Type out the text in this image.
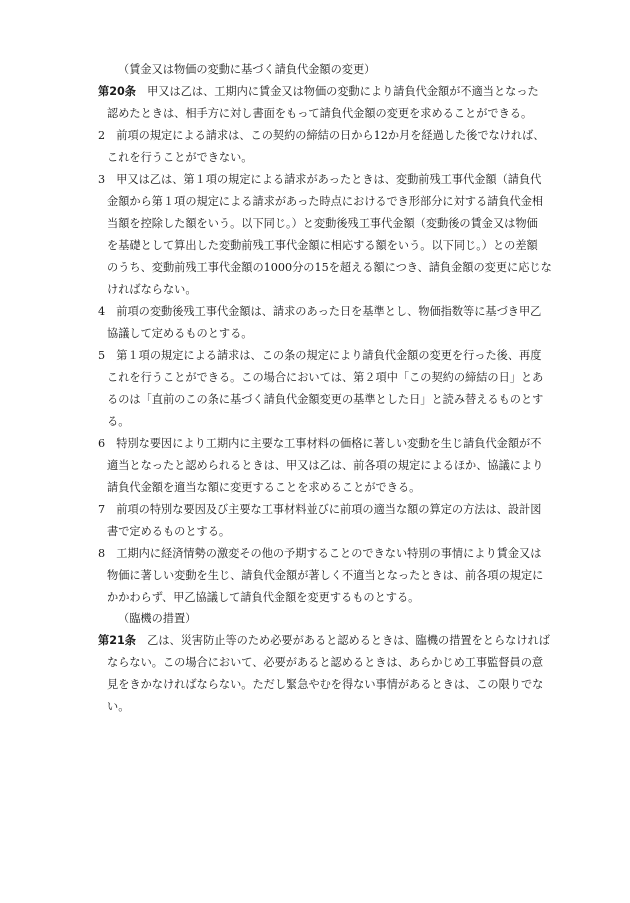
（賃金又は物価の変動に基づく請負代金額の変更）
第20条　 甲又は乙は、工期内に賃金又は物価の変動により請負代金額が不適当となった
認めたときは、相手方に対し書面をもって請負代金額の変更を求めることができる。
2　前項の規定による請求は、この契約の締結の日から12か月を経過した後でなければ、
これを行うことができない。
3　甲又は乙は、第１項の規定による請求があったときは、変動前残工事代金額（請負代
金額から第１項の規定による請求があった時点におけるでき形部分に対する請負代金相
当額を控除した額をいう。以下同じ。）と変動後残工事代金額（変動後の賃金又は物価
を基礎として算出した変動前残工事代金額に相応する額をいう。以下同じ。）との差額
のうち、変動前残工事代金額の1000分の15を超える額につき、請負金額の変更に応じな
ければならない。
4　前項の変動後残工事代金額は、請求のあった日を基準とし、物価指数等に基づき甲乙
協議して定めるものとする。
5　第１項の規定による請求は、この条の規定により請負代金額の変更を行った後、再度
これを行うことができる。この場合においては、第２項中「この契約の締結の日」とあ
るのは「直前のこの条に基づく請負代金額変更の基準とした日」と読み替えるものとす
る。
6　特別な要因により工期内に主要な工事材料の価格に著しい変動を生じ請負代金額が不
適当となったと認められるときは、甲又は乙は、前各項の規定によるほか、協議により
請負代金額を適当な額に変更することを求めることができる。
7　前項の特別な要因及び主要な工事材料並びに前項の適当な額の算定の方法は、設計図
書で定めるものとする。
8　工期内に経済情勢の激変その他の予期することのできない特別の事情により賃金又は
物価に著しい変動を生じ、請負代金額が著しく不適当となったときは、前各項の規定に
かかわらず、甲乙協議して請負代金額を変更するものとする。
（臨機の措置）
第21条　 乙は、災害防止等のため必要があると認めるときは、臨機の措置をとらなければ
ならない。この場合において、必要があると認めるときは、あらかじめ工事監督員の意
見をきかなければならない。ただし緊急やむを得ない事情があるときは、この限りでな
い。
